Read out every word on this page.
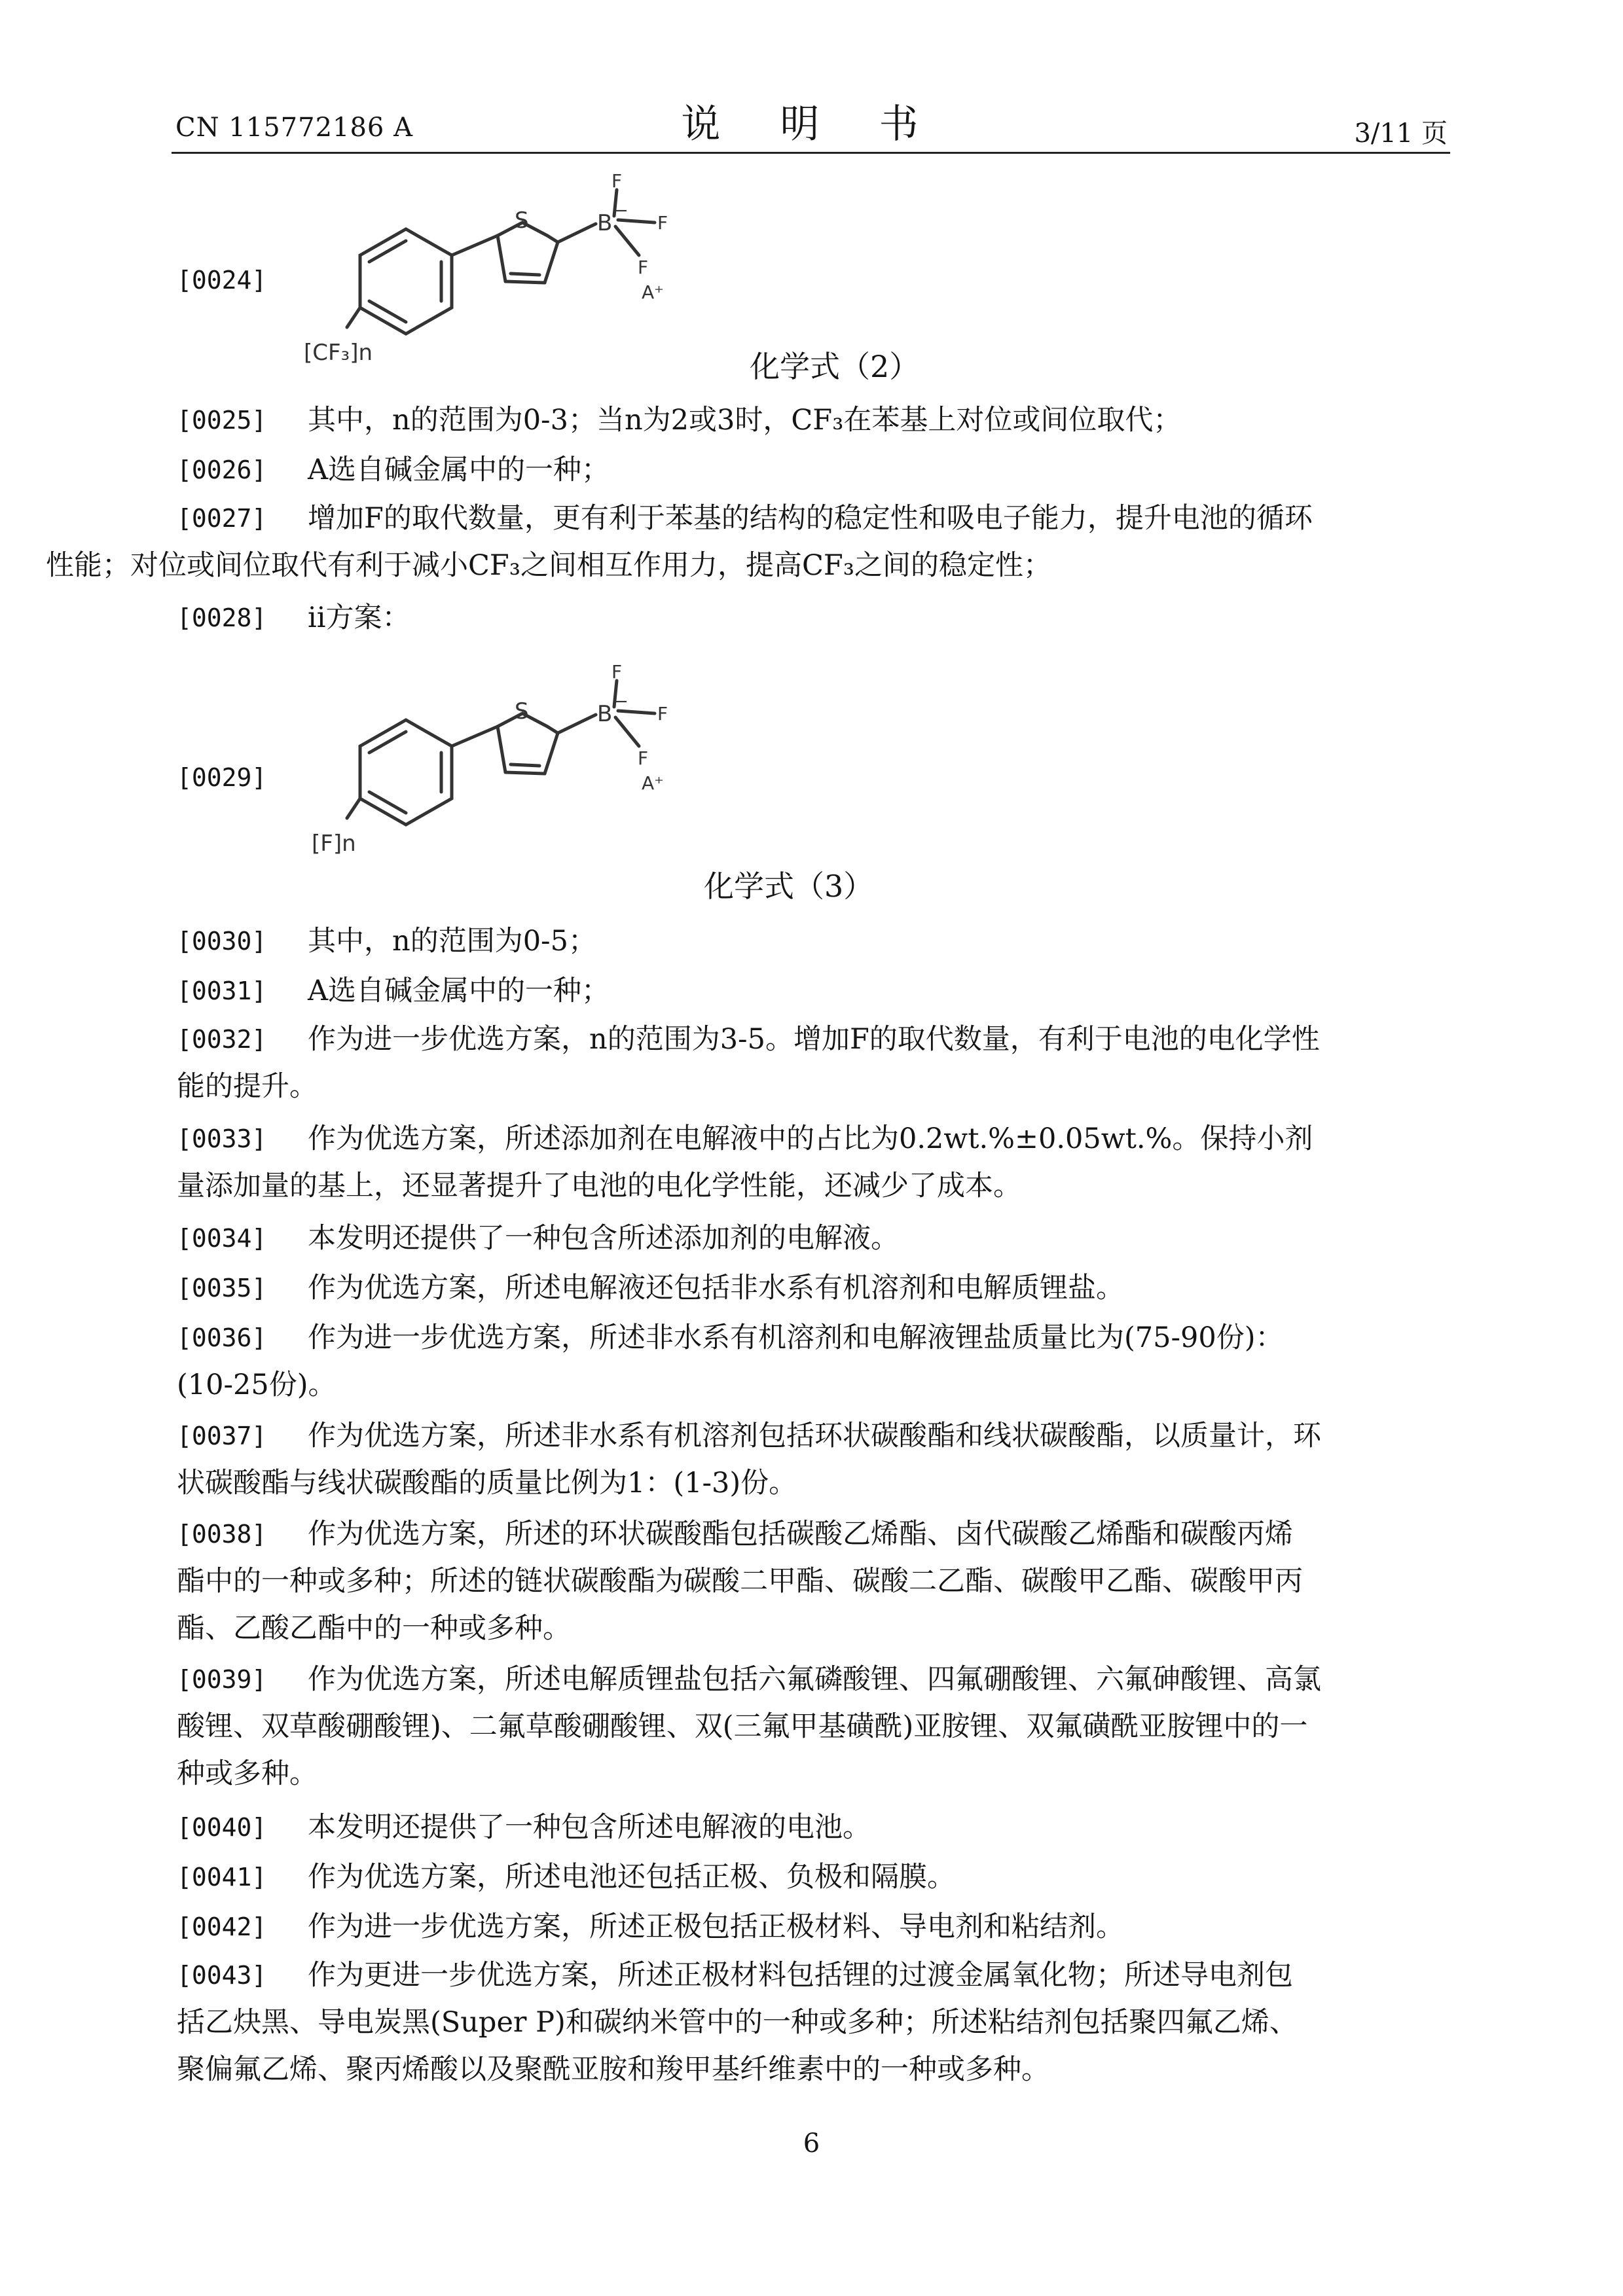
CN 115772186 A	说 明 书	3/11 页
[0024]
S	B −
F
F
F
A⁺
[CF₃]n	化学式（2）
[0025] 其中，n的范围为0-3；当n为2或3时，CF₃在苯基上对位或间位取代；
[0026] A选自碱金属中的一种；
[0027]	增加F的取代数量，更有利于苯基的结构的稳定性和吸电子能力，提升电池的循环
性能；对位或间位取代有利于减小CF₃之间相互作用力，提高CF₃之间的稳定性；
[0028] ii方案：
[0029]
S	B −
F
F
F
A⁺
[F]n
化学式（3）
[0030] 其中，n的范围为0-5；
[0031] A选自碱金属中的一种；
[0032]	作为进一步优选方案，n的范围为3-5。增加F的取代数量，有利于电池的电化学性
能的提升。
[0033]	作为优选方案，所述添加剂在电解液中的占比为0.2wt.%±0.05wt.%。保持小剂
量添加量的基上，还显著提升了电池的电化学性能，还减少了成本。
[0034] 本发明还提供了一种包含所述添加剂的电解液。
[0035] 作为优选方案，所述电解液还包括非水系有机溶剂和电解质锂盐。
[0036]	作为进一步优选方案，所述非水系有机溶剂和电解液锂盐质量比为(75-90份)：
(10-25份)。
[0037]	作为优选方案，所述非水系有机溶剂包括环状碳酸酯和线状碳酸酯，以质量计，环
状碳酸酯与线状碳酸酯的质量比例为1：(1-3)份。
[0038]	作为优选方案，所述的环状碳酸酯包括碳酸乙烯酯、卤代碳酸乙烯酯和碳酸丙烯
酯中的一种或多种；所述的链状碳酸酯为碳酸二甲酯、碳酸二乙酯、碳酸甲乙酯、碳酸甲丙
酯、乙酸乙酯中的一种或多种。
[0039]	作为优选方案，所述电解质锂盐包括六氟磷酸锂、四氟硼酸锂、六氟砷酸锂、高氯
酸锂、双草酸硼酸锂)、二氟草酸硼酸锂、双(三氟甲基磺酰)亚胺锂、双氟磺酰亚胺锂中的一
种或多种。
[0040] 本发明还提供了一种包含所述电解液的电池。
[0041] 作为优选方案，所述电池还包括正极、负极和隔膜。
[0042] 作为进一步优选方案，所述正极包括正极材料、导电剂和粘结剂。
[0043]	作为更进一步优选方案，所述正极材料包括锂的过渡金属氧化物；所述导电剂包
括乙炔黑、导电炭黑(Super P)和碳纳米管中的一种或多种；所述粘结剂包括聚四氟乙烯、
聚偏氟乙烯、聚丙烯酸以及聚酰亚胺和羧甲基纤维素中的一种或多种。
6
